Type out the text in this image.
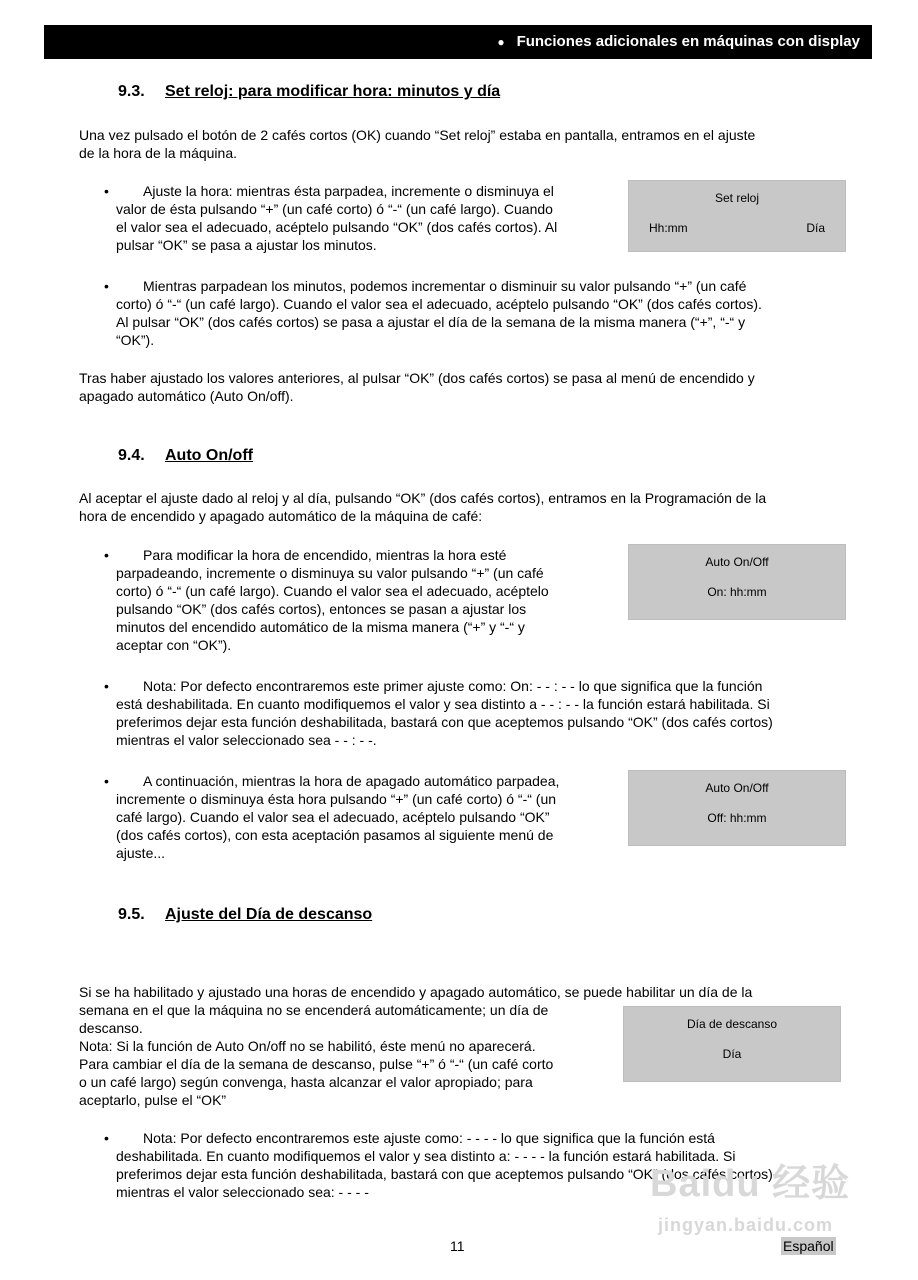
● Funciones adicionales en máquinas con display
9.3. Set reloj: para modificar hora: minutos y día
Una vez pulsado el botón de 2 cafés cortos (OK) cuando “Set reloj” estaba en pantalla, entramos en el ajuste
de la hora de la máquina.
•	Ajuste la hora: mientras ésta parpadea, incremente o disminuya el
valor de ésta pulsando “+” (un café corto) ó “-“ (un café largo). Cuando
el valor sea el adecuado, acéptelo pulsando “OK” (dos cafés cortos). Al
pulsar “OK” se pasa a ajustar los minutos.
Set reloj
Hh:mm	Día
•	Mientras parpadean los minutos, podemos incrementar o disminuir su valor pulsando “+” (un café
corto) ó “-“ (un café largo). Cuando el valor sea el adecuado, acéptelo pulsando “OK” (dos cafés cortos).
Al pulsar “OK” (dos cafés cortos) se pasa a ajustar el día de la semana de la misma manera (“+”, “-“ y
“OK”).
Tras haber ajustado los valores anteriores, al pulsar “OK” (dos cafés cortos) se pasa al menú de encendido y
apagado automático (Auto On/off).
9.4. Auto On/off
Al aceptar el ajuste dado al reloj y al día, pulsando “OK” (dos cafés cortos), entramos en la Programación de la
hora de encendido y apagado automático de la máquina de café:
•	Para modificar la hora de encendido, mientras la hora esté
parpadeando, incremente o disminuya su valor pulsando “+” (un café
corto) ó “-“ (un café largo). Cuando el valor sea el adecuado, acéptelo
pulsando “OK” (dos cafés cortos), entonces se pasan a ajustar los
minutos del encendido automático de la misma manera (“+” y “-“ y
aceptar con “OK”).
Auto On/Off
On: hh:mm
•	Nota: Por defecto encontraremos este primer ajuste como: On: - - : - - lo que significa que la función
está deshabilitada. En cuanto modifiquemos el valor y sea distinto a - - : - - la función estará habilitada. Si
preferimos dejar esta función deshabilitada, bastará con que aceptemos pulsando “OK” (dos cafés cortos)
mientras el valor seleccionado sea - - : - -.
•	A continuación, mientras la hora de apagado automático parpadea,
incremente o disminuya ésta hora pulsando “+” (un café corto) ó “-“ (un
café largo). Cuando el valor sea el adecuado, acéptelo pulsando “OK”
(dos cafés cortos), con esta aceptación pasamos al siguiente menú de
ajuste...
Auto On/Off
Off: hh:mm
9.5. Ajuste del Día de descanso
Si se ha habilitado y ajustado una horas de encendido y apagado automático, se puede habilitar un día de la
semana en el que la máquina no se encenderá automáticamente; un día de
descanso.
Nota: Si la función de Auto On/off no se habilitó, éste menú no aparecerá.
Para cambiar el día de la semana de descanso, pulse “+” ó “-“ (un café corto
o un café largo) según convenga, hasta alcanzar el valor apropiado; para
aceptarlo, pulse el “OK”
Día de descanso
Día
•	Nota: Por defecto encontraremos este ajuste como: - - - - lo que significa que la función está
deshabilitada. En cuanto modifiquemos el valor y sea distinto a: - - - - la función estará habilitada. Si
preferimos dejar esta función deshabilitada, bastará con que aceptemos pulsando “OK” (dos cafés cortos)
mientras el valor seleccionado sea: - - - -	Baidu 经验
jingyan.baidu.com
11	Español
